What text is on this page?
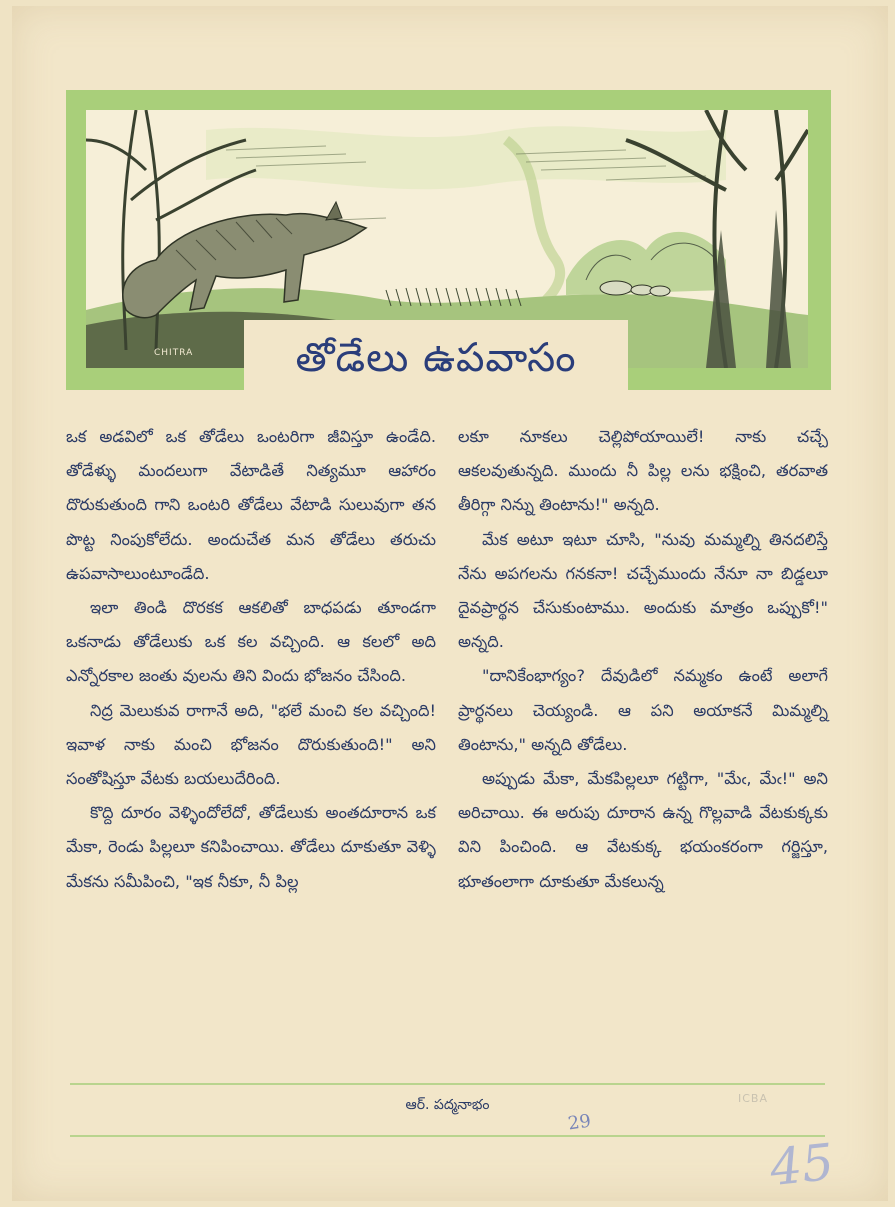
CHITRA	తోడేలు ఉపవాసం

ఒక అడవిలో ఒక తోడేలు ఒంటరిగా జీవిస్తూ ఉండేది. తోడేళ్ళు మందలుగా వేటాడితే నిత్యమూ ఆహారం దొరుకుతుంది గాని ఒంటరి తోడేలు వేటాడి సులువుగా తన పొట్ట నింపుకోలేదు. అందుచేత మన తోడేలు తరుచు ఉపవాసాలుంటూండేది.

ఇలా తిండి దొరకక ఆకలితో బాధపడు తూండగా ఒకనాడు తోడేలుకు ఒక కల వచ్చింది. ఆ కలలో అది ఎన్నోరకాల జంతు వులను తిని విందు భోజనం చేసింది.

నిద్ర మెలుకువ రాగానే అది, "భలే మంచి కల వచ్చింది! ఇవాళ నాకు మంచి భోజనం దొరుకుతుంది!" అని సంతోషిస్తూ వేటకు బయలుదేరింది.

కొద్ది దూరం వెళ్ళిందోలేదో, తోడేలుకు అంతదూరాన ఒక మేకా, రెండు పిల్లలూ కనిపించాయి. తోడేలు దూకుతూ వెళ్ళి మేకను సమీపించి, "ఇక నీకూ, నీ పిల్ల

లకూ నూకలు చెల్లిపోయాయిలే! నాకు చచ్చే ఆకలవుతున్నది. ముందు నీ పిల్ల లను భక్షించి, తరవాత తీరిగ్గా నిన్ను తింటాను!" అన్నది.

మేక అటూ ఇటూ చూసి, "నువు మమ్మల్ని తినదలిస్తే నేను అపగలను గనకనా! చచ్చేముందు నేనూ నా బిడ్డలూ దైవప్రార్థన చేసుకుంటాము. అందుకు మాత్రం ఒప్పుకో!" అన్నది.

"దానికేంభాగ్యం? దేవుడిలో నమ్మకం ఉంటే అలాగే ప్రార్థనలు చెయ్యండి. ఆ పని అయాకనే మిమ్మల్ని తింటాను," అన్నది తోడేలు.

అప్పుడు మేకా, మేకపిల్లలూ గట్టిగా, "మేఁ, మేఁ!" అని అరిచాయి. ఈ అరుపు దూరాన ఉన్న గొల్లవాడి వేటకుక్కకు విని పించింది. ఆ వేటకుక్క భయంకరంగా గర్జిస్తూ, భూతంలాగా దూకుతూ మేకలున్న

ఆర్. పద్మనాభం	ICBA
29
45
